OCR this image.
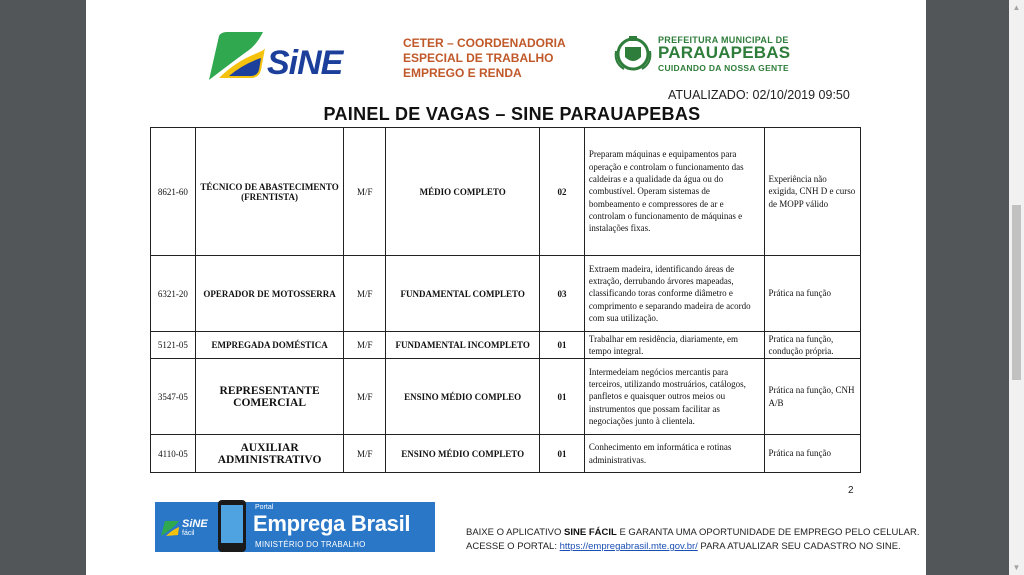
SiNE
CETER – COORDENADORIA
ESPECIAL DE TRABALHO
EMPREGO E RENDA
PREFEITURA MUNICIPAL DE
PARAUAPEBAS
CUIDANDO DA NOSSA GENTE
ATUALIZADO: 02/10/2019 09:50
PAINEL DE VAGAS – SINE PARAUAPEBAS
8621-60	TÉCNICO DE ABASTECIMENTO (FRENTISTA)	M/F	MÉDIO COMPLETO	02	Preparam máquinas e equipamentos para operação e controlam o funcionamento das caldeiras e a qualidade da água ou do combustível. Operam sistemas de bombeamento e compressores de ar e controlam o funcionamento de máquinas e instalações fixas.	Experiência não exigida, CNH D e curso de MOPP válido
6321-20	OPERADOR DE MOTOSSERRA	M/F	FUNDAMENTAL COMPLETO	03	Extraem madeira, identificando áreas de extração, derrubando árvores mapeadas, classificando toras conforme diâmetro e comprimento e separando madeira de acordo com sua utilização.	Prática na função
5121-05	EMPREGADA DOMÉSTICA	M/F	FUNDAMENTAL INCOMPLETO	01	Trabalhar em residência, diariamente, em tempo integral.	Pratica na função, condução própria.
3547-05	REPRESENTANTE COMERCIAL	M/F	ENSINO MÉDIO COMPLEO	01	Intermedeiam negócios mercantis para terceiros, utilizando mostruários, catálogos, panfletos e quaisquer outros meios ou instrumentos que possam facilitar as negociações junto à clientela.	Prática na função, CNH A/B
4110-05	AUXILIAR ADMINISTRATIVO	M/F	ENSINO MÉDIO COMPLETO	01	Conhecimento em informática e rotinas administrativas.	Prática na função
2
SiNE
fácil
Portal
Emprega Brasil
MINISTÉRIO DO TRABALHO
BAIXE O APLICATIVO SINE FÁCIL E GARANTA UMA OPORTUNIDADE DE EMPREGO PELO CELULAR.
ACESSE O PORTAL: https://empregabrasil.mte.gov.br/ PARA ATUALIZAR SEU CADASTRO NO SINE.
▲
▼
